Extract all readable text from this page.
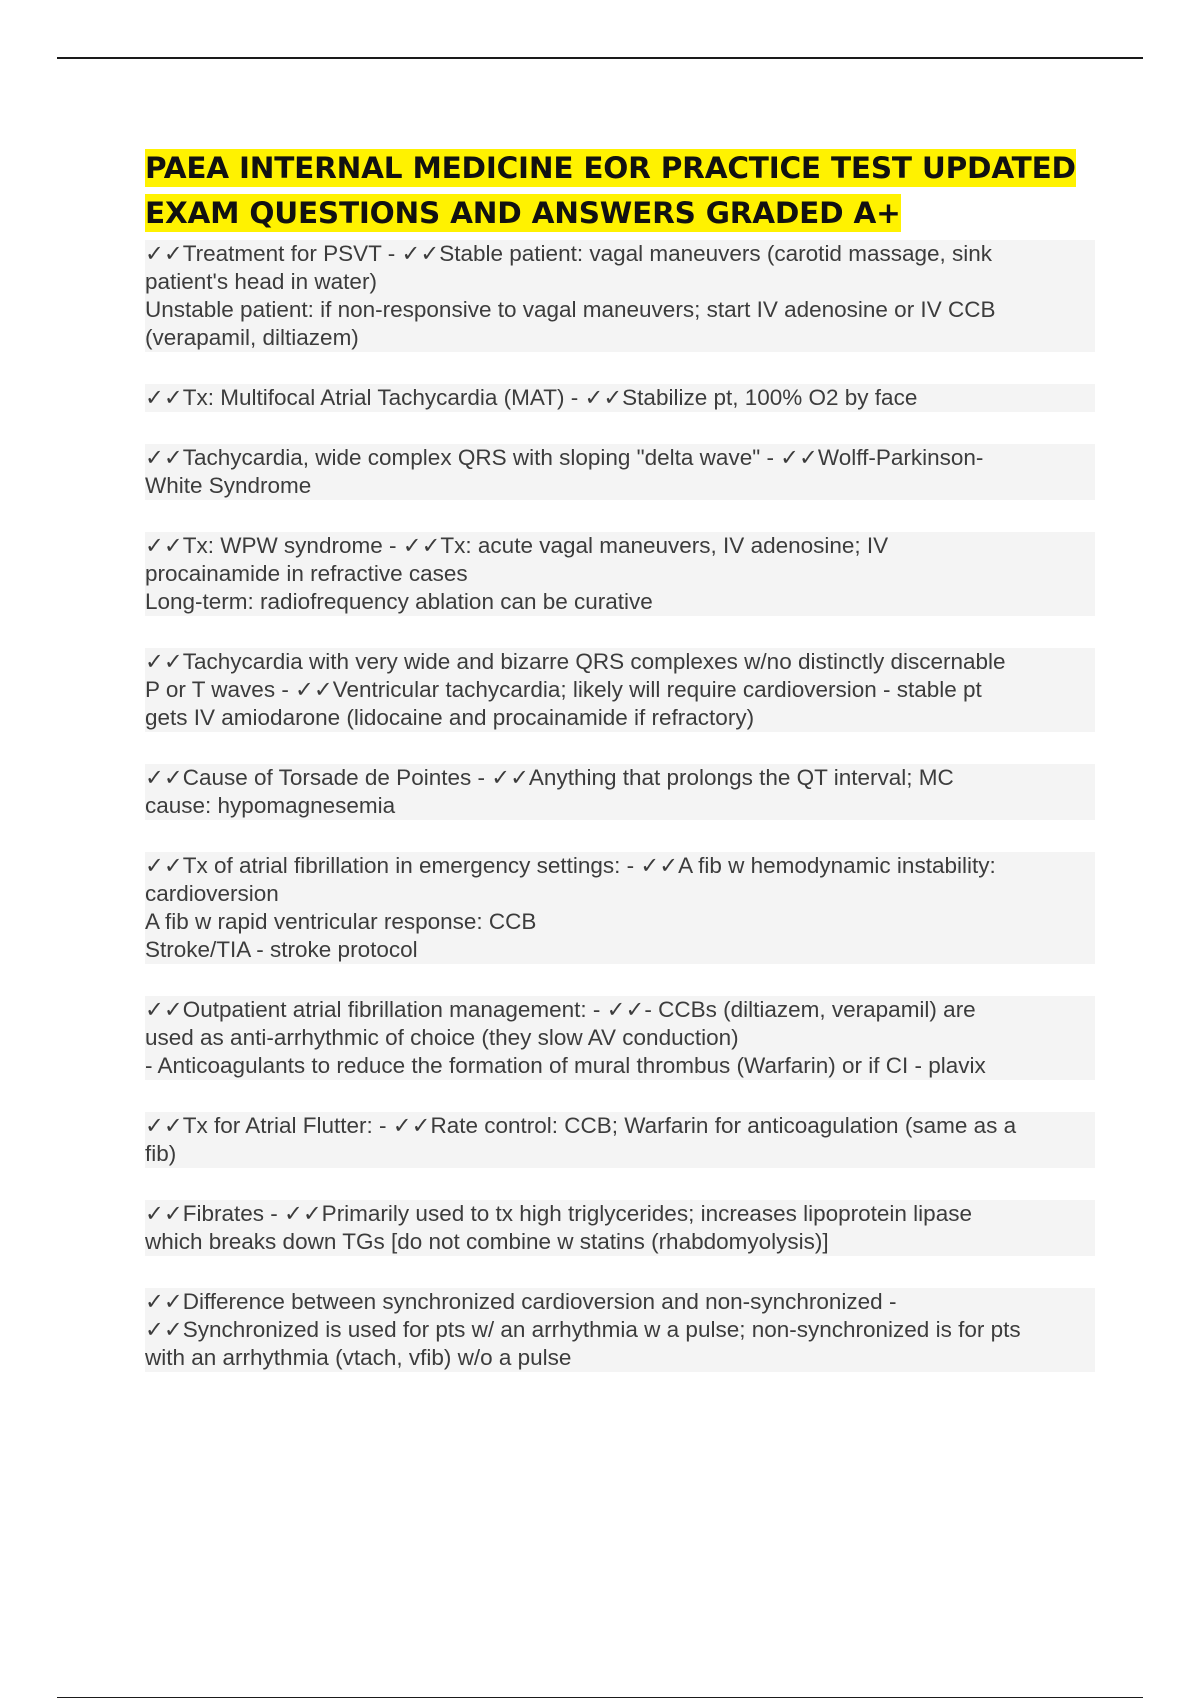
PAEA INTERNAL MEDICINE EOR PRACTICE TEST UPDATED
EXAM QUESTIONS AND ANSWERS GRADED A+
✓✓Treatment for PSVT - ✓✓Stable patient: vagal maneuvers (carotid massage, sink
patient's head in water)
Unstable patient: if non-responsive to vagal maneuvers; start IV adenosine or IV CCB
(verapamil, diltiazem)
✓✓Tx: Multifocal Atrial Tachycardia (MAT) - ✓✓Stabilize pt, 100% O2 by face
✓✓Tachycardia, wide complex QRS with sloping "delta wave" - ✓✓Wolff-Parkinson-
White Syndrome
✓✓Tx: WPW syndrome - ✓✓Tx: acute vagal maneuvers, IV adenosine; IV
procainamide in refractive cases
Long-term: radiofrequency ablation can be curative
✓✓Tachycardia with very wide and bizarre QRS complexes w/no distinctly discernable
P or T waves - ✓✓Ventricular tachycardia; likely will require cardioversion - stable pt
gets IV amiodarone (lidocaine and procainamide if refractory)
✓✓Cause of Torsade de Pointes - ✓✓Anything that prolongs the QT interval; MC
cause: hypomagnesemia
✓✓Tx of atrial fibrillation in emergency settings: - ✓✓A fib w hemodynamic instability:
cardioversion
A fib w rapid ventricular response: CCB
Stroke/TIA - stroke protocol
✓✓Outpatient atrial fibrillation management: - ✓✓- CCBs (diltiazem, verapamil) are
used as anti-arrhythmic of choice (they slow AV conduction)
- Anticoagulants to reduce the formation of mural thrombus (Warfarin) or if CI - plavix
✓✓Tx for Atrial Flutter: - ✓✓Rate control: CCB; Warfarin for anticoagulation (same as a
fib)
✓✓Fibrates - ✓✓Primarily used to tx high triglycerides; increases lipoprotein lipase
which breaks down TGs [do not combine w statins (rhabdomyolysis)]
✓✓Difference between synchronized cardioversion and non-synchronized -
✓✓Synchronized is used for pts w/ an arrhythmia w a pulse; non-synchronized is for pts
with an arrhythmia (vtach, vfib) w/o a pulse
